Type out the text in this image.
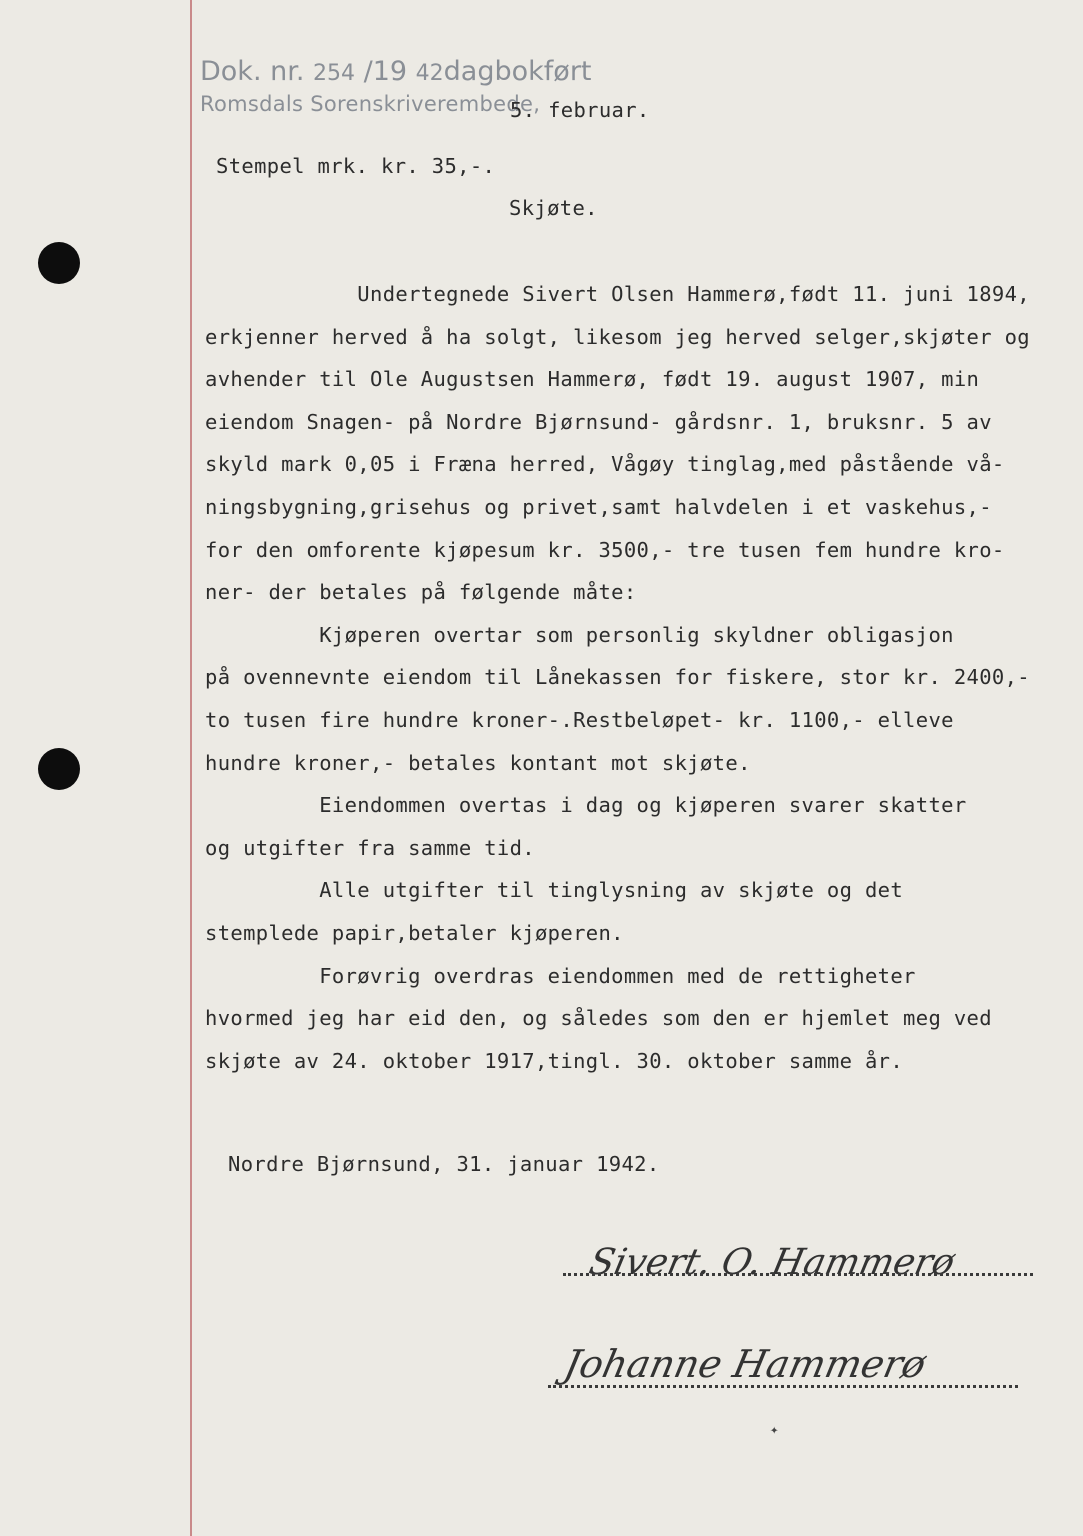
Dok. nr. 254 /19 42dagbokført
Romsdals Sorenskriverembede,
5. februar.
Stempel mrk. kr. 35,-.
Skjøte.
Undertegnede Sivert Olsen Hammerø,født 11. juni 1894,
erkjenner herved å ha solgt, likesom jeg herved selger,skjøter og
avhender til Ole Augustsen Hammerø, født 19. august 1907, min
eiendom Snagen- på Nordre Bjørnsund- gårdsnr. 1, bruksnr. 5 av
skyld mark 0,05 i Fræna herred, Vågøy tinglag,med påstående vå-
ningsbygning,grisehus og privet,samt halvdelen i et vaskehus,-
for den omforente kjøpesum kr. 3500,- tre tusen fem hundre kro-
ner- der betales på følgende måte:
Kjøperen overtar som personlig skyldner obligasjon
på ovennevnte eiendom til Lånekassen for fiskere, stor kr. 2400,-
to tusen fire hundre kroner-.Restbeløpet- kr. 1100,- elleve
hundre kroner,- betales kontant mot skjøte.
Eiendommen overtas i dag og kjøperen svarer skatter
og utgifter fra samme tid.
Alle utgifter til tinglysning av skjøte og det
stemplede papir,betaler kjøperen.
Forøvrig overdras eiendommen med de rettigheter
hvormed jeg har eid den, og således som den er hjemlet meg ved
skjøte av 24. oktober 1917,tingl. 30. oktober samme år.
Nordre Bjørnsund, 31. januar 1942.
Sivert. O. Hammerø
Johanne Hammerø
✦
